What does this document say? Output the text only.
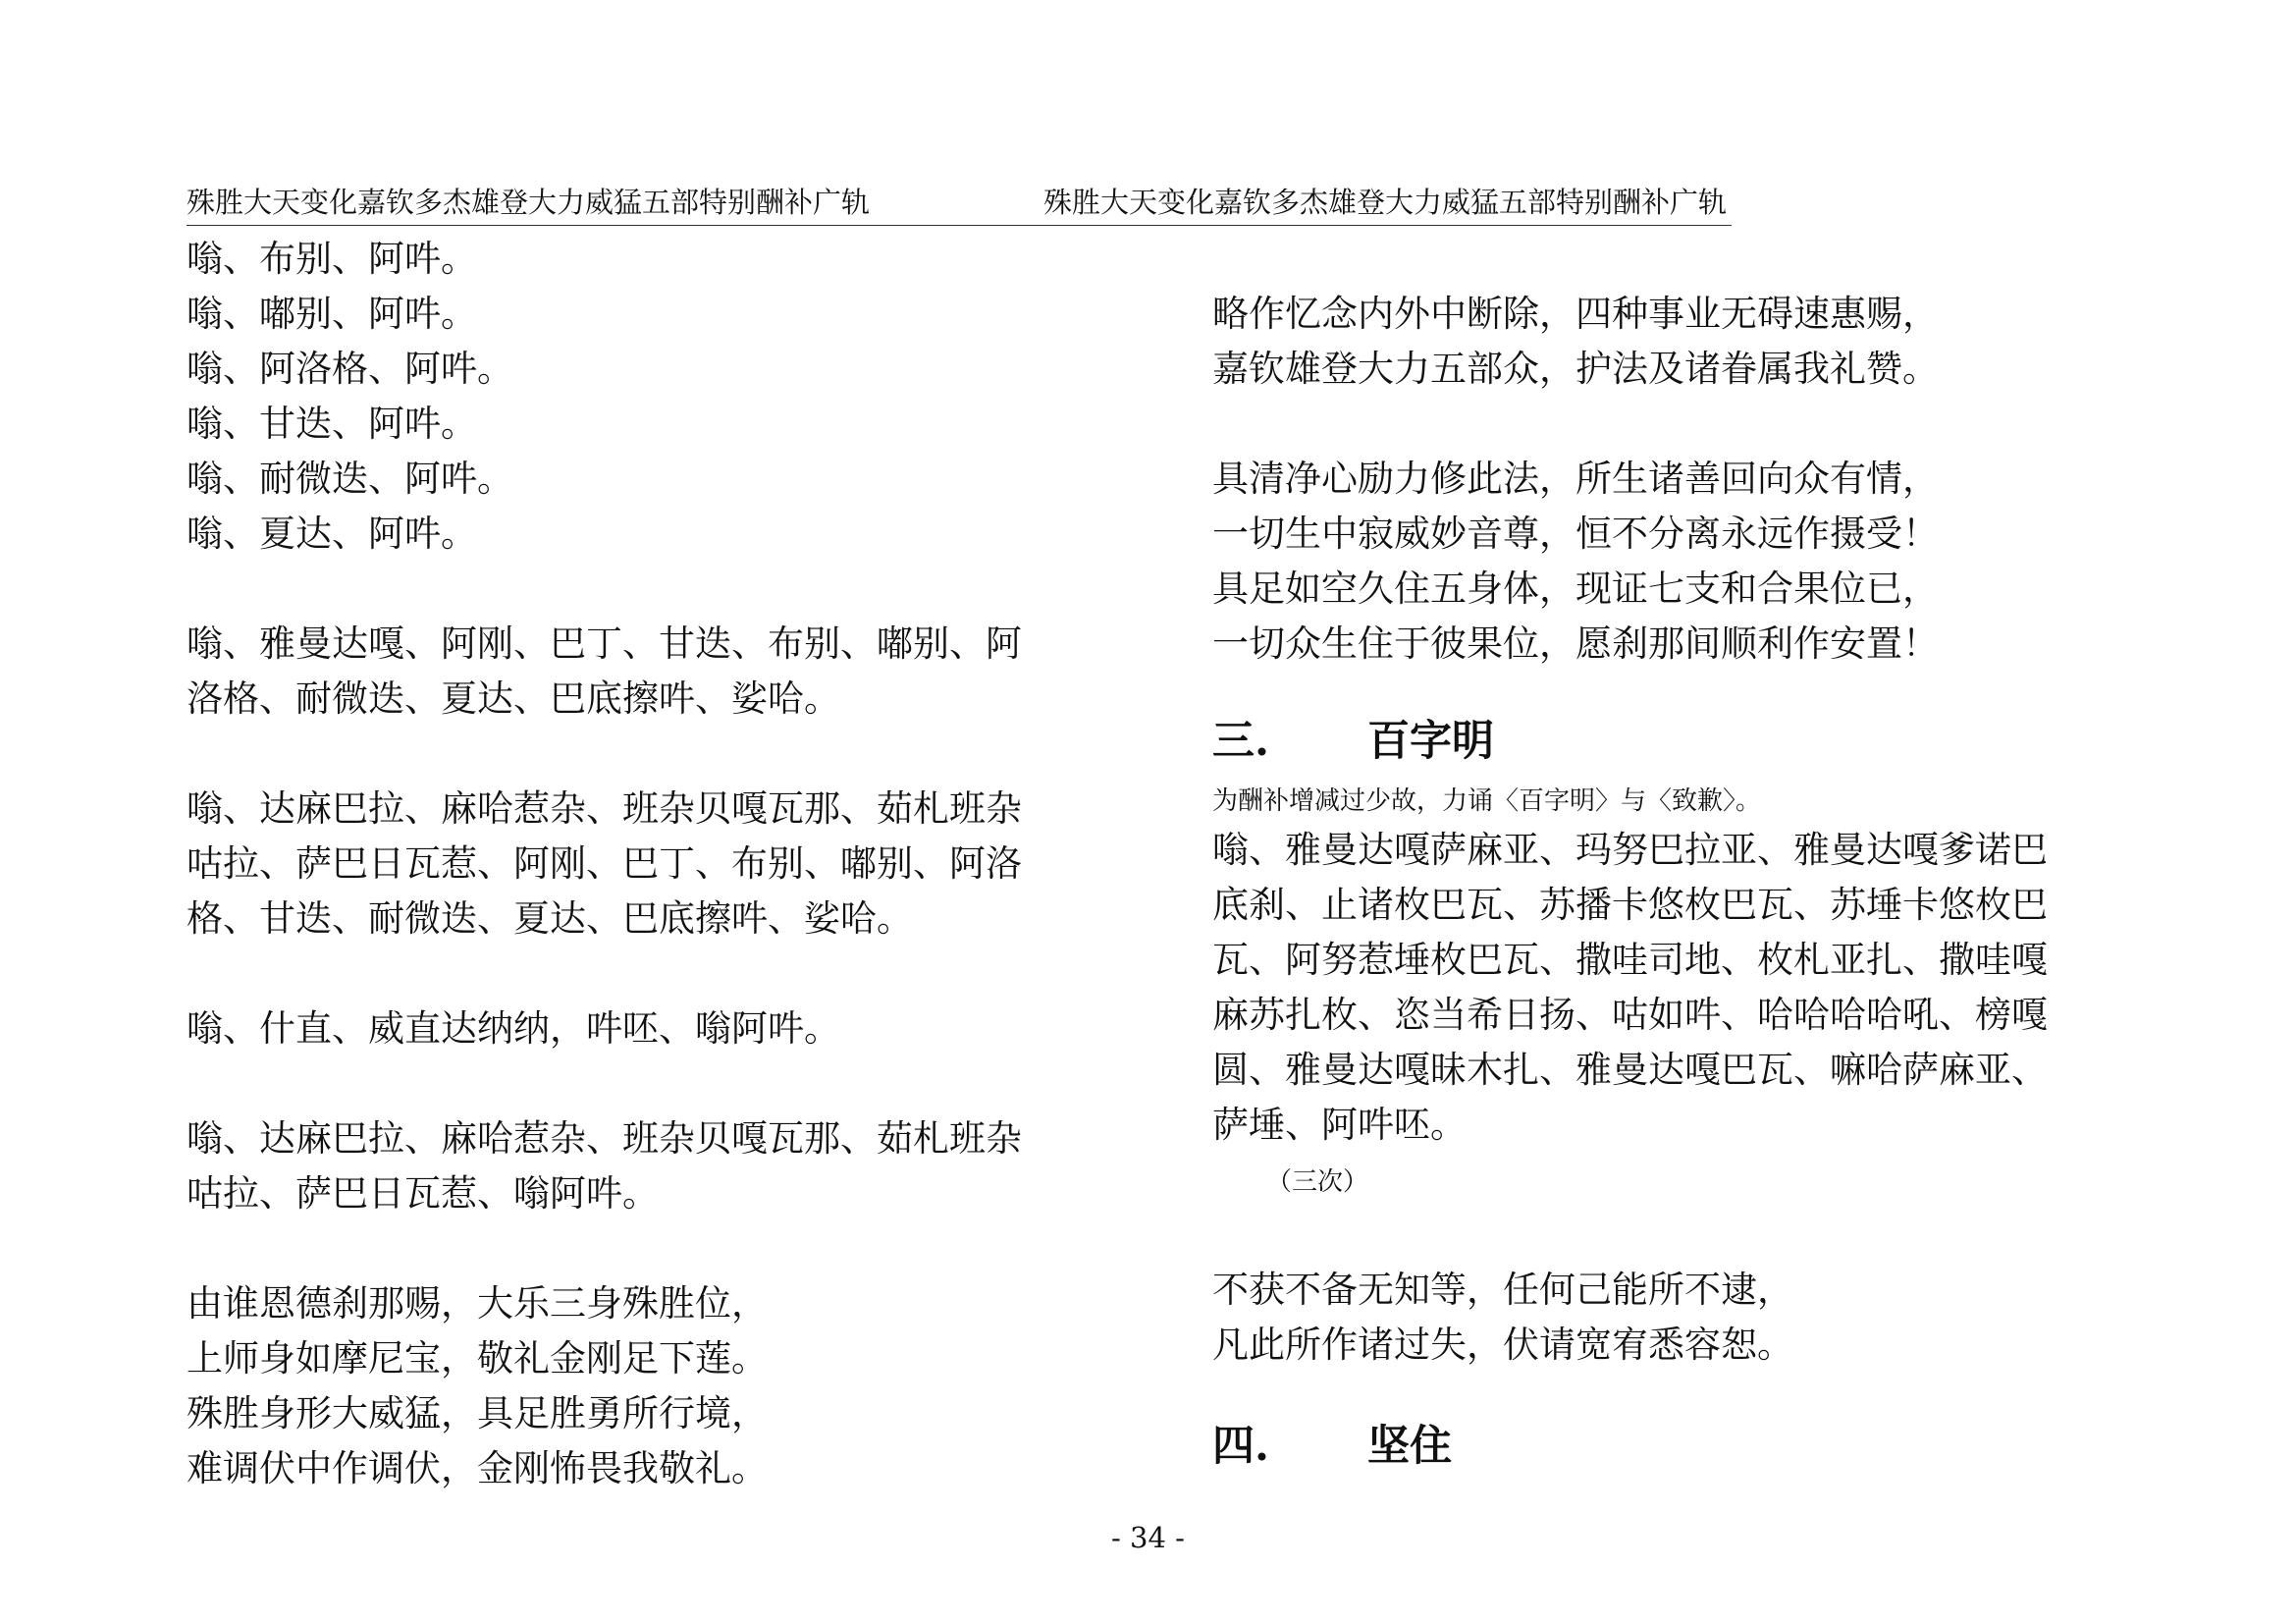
殊胜大天变化嘉钦多杰雄登大力威猛五部特别酬补广轨	殊胜大天变化嘉钦多杰雄登大力威猛五部特别酬补广轨
嗡、布别、阿吽。
嗡、嘟别、阿吽。
嗡、阿洛格、阿吽。
嗡、甘迭、阿吽。
嗡、耐微迭、阿吽。
嗡、夏达、阿吽。
嗡、雅曼达嘎、阿刚、巴丁、甘迭、布别、嘟别、阿
洛格、耐微迭、夏达、巴底擦吽、娑哈。
嗡、达麻巴拉、麻哈惹杂、班杂贝嘎瓦那、茹札班杂
咕拉、萨巴日瓦惹、阿刚、巴丁、布别、嘟别、阿洛
格、甘迭、耐微迭、夏达、巴底擦吽、娑哈。
嗡、什直、威直达纳纳，吽呸、嗡阿吽。
嗡、达麻巴拉、麻哈惹杂、班杂贝嘎瓦那、茹札班杂
咕拉、萨巴日瓦惹、嗡阿吽。
由谁恩德刹那赐，大乐三身殊胜位，
上师身如摩尼宝，敬礼金刚足下莲。
殊胜身形大威猛，具足胜勇所行境，
难调伏中作调伏，金刚怖畏我敬礼。
略作忆念内外中断除，四种事业无碍速惠赐，
嘉钦雄登大力五部众，护法及诸眷属我礼赞。
具清净心励力修此法，所生诸善回向众有情，
一切生中寂威妙音尊，恒不分离永远作摄受！
具足如空久住五身体，现证七支和合果位已，
一切众生住于彼果位，愿刹那间顺利作安置！
三. 百字明
为酬补增减过少故，力诵〈百字明〉与〈致歉〉。
嗡、雅曼达嘎萨麻亚、玛努巴拉亚、雅曼达嘎爹诺巴
底刹、止诸枚巴瓦、苏播卡悠枚巴瓦、苏埵卡悠枚巴
瓦、阿努惹埵枚巴瓦、撒哇司地、枚札亚扎、撒哇嘎
麻苏扎枚、恣当希日扬、咕如吽、哈哈哈哈吼、榜嘎
圆、雅曼达嘎昧木扎、雅曼达嘎巴瓦、嘛哈萨麻亚、
萨埵、阿吽呸。
（三次）
不获不备无知等，任何己能所不逮，
凡此所作诸过失，伏请宽宥悉容恕。
四. 坚住
- 34 -
